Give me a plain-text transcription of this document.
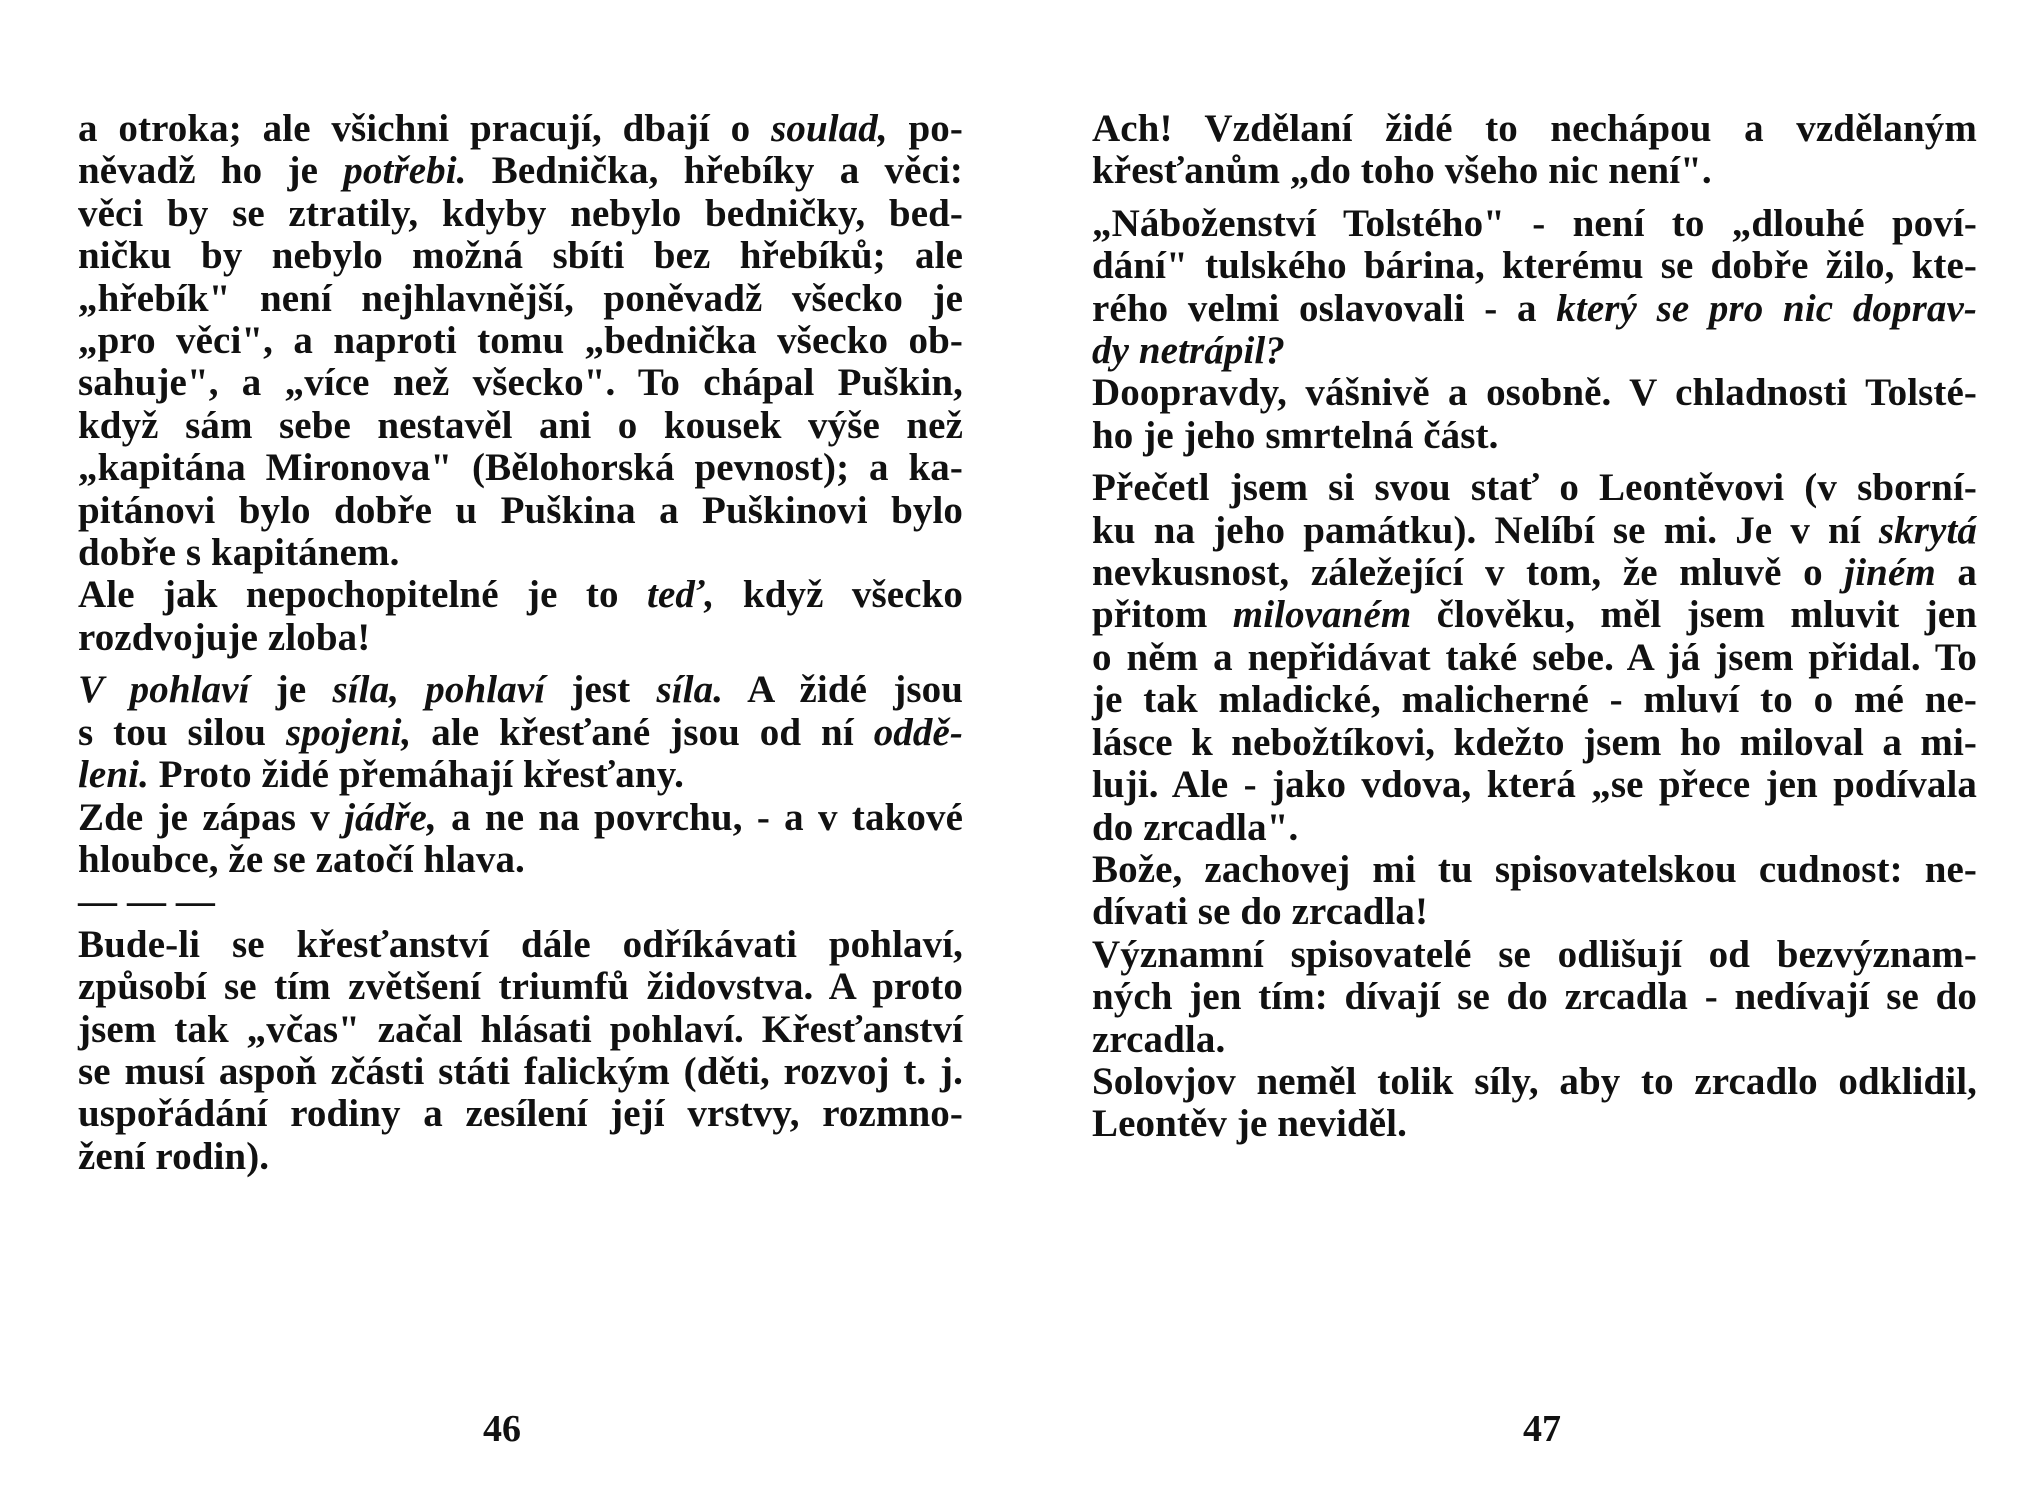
a otroka; ale všichni pracují, dbají o soulad, po-
něvadž ho je potřebi. Bednička, hřebíky a věci:
věci by se ztratily, kdyby nebylo bedničky, bed-
ničku by nebylo možná sbíti bez hřebíků; ale
„hřebík" není nejhlavnější, poněvadž všecko je
„pro věci", a naproti tomu „bednička všecko ob-
sahuje", a „více než všecko". To chápal Puškin,
když sám sebe nestavěl ani o kousek výše než
„kapitána Mironova" (Bělohorská pevnost); a ka-
pitánovi bylo dobře u Puškina a Puškinovi bylo
dobře s kapitánem.
Ale jak nepochopitelné je to teď, když všecko
rozdvojuje zloba!
V pohlaví je síla, pohlaví jest síla. A židé jsou
s tou silou spojeni, ale křesťané jsou od ní oddě-
leni. Proto židé přemáhají křesťany.
Zde je zápas v jádře, a ne na povrchu, - a v takové
hloubce, že se zatočí hlava.
— — —
Bude-li se křesťanství dále odříkávati pohlaví,
způsobí se tím zvětšení triumfů židovstva. A proto
jsem tak „včas" začal hlásati pohlaví. Křesťanství
se musí aspoň zčásti státi falickým (děti, rozvoj t. j.
uspořádání rodiny a zesílení její vrstvy, rozmno-
žení rodin).
46
Ach! Vzdělaní židé to nechápou a vzdělaným
křesťanům „do toho všeho nic není".
„Náboženství Tolstého" - není to „dlouhé poví-
dání" tulského bárina, kterému se dobře žilo, kte-
rého velmi oslavovali - a který se pro nic doprav-
dy netrápil?
Doopravdy, vášnivě a osobně. V chladnosti Tolsté-
ho je jeho smrtelná část.
Přečetl jsem si svou stať o Leontěvovi (v sborní-
ku na jeho památku). Nelíbí se mi. Je v ní skrytá
nevkusnost, záležející v tom, že mluvě o jiném a
přitom milovaném člověku, měl jsem mluvit jen
o něm a nepřidávat také sebe. A já jsem přidal. To
je tak mladické, malicherné - mluví to o mé ne-
lásce k nebožtíkovi, kdežto jsem ho miloval a mi-
luji. Ale - jako vdova, která „se přece jen podívala
do zrcadla".
Bože, zachovej mi tu spisovatelskou cudnost: ne-
dívati se do zrcadla!
Významní spisovatelé se odlišují od bezvýznam-
ných jen tím: dívají se do zrcadla - nedívají se do
zrcadla.
Solovjov neměl tolik síly, aby to zrcadlo odklidil,
Leontěv je neviděl.
47
